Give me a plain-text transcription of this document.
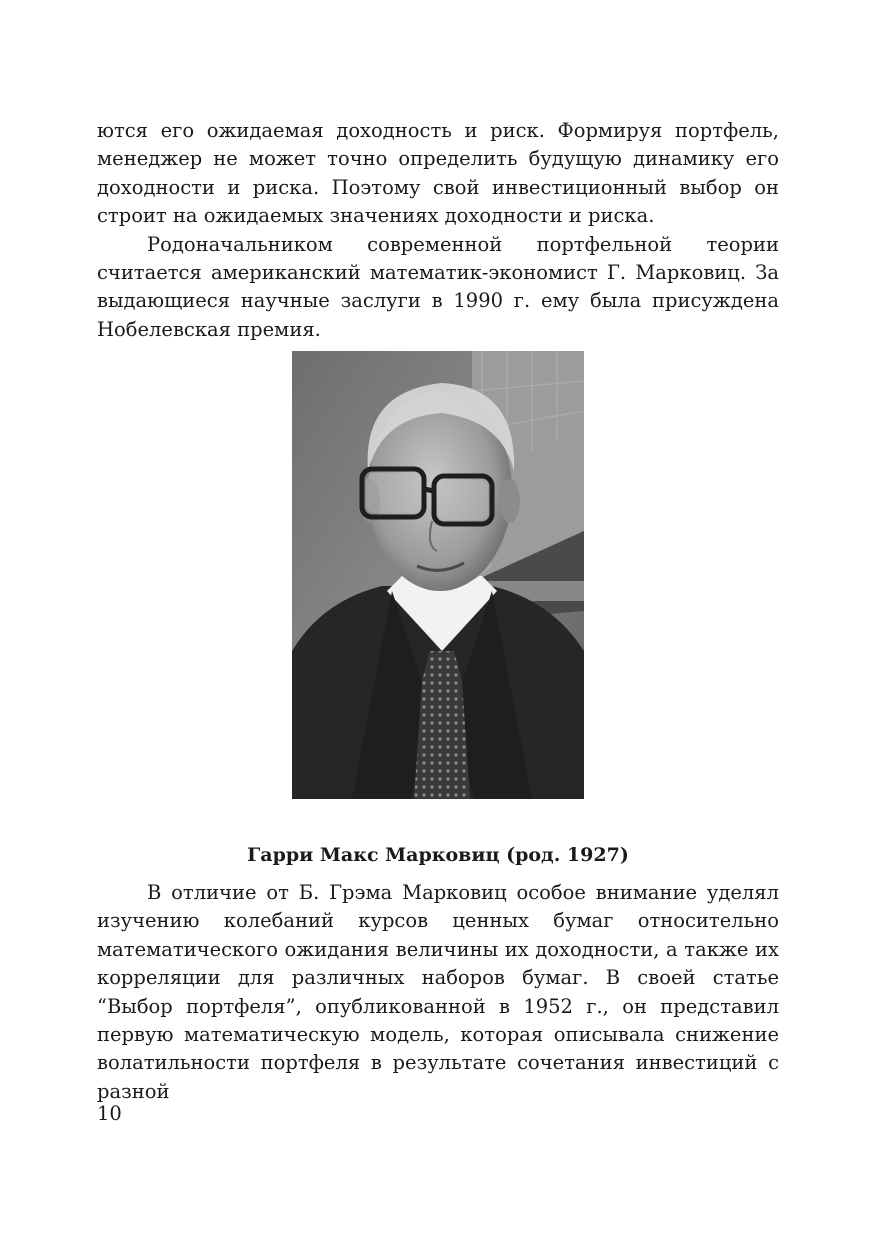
ются его ожидаемая доходность и риск. Формируя портфель, менеджер не может точно определить будущую динамику его доходности и риска. Поэтому свой инвестиционный выбор он строит на ожидаемых значениях доходности и риска.

Родоначальником современной портфельной теории считается американский математик-экономист Г. Марковиц. За выдающиеся научные заслуги в 1990 г. ему была присуждена Нобелевская премия.

Гарри Макс Марковиц (род. 1927)

В отличие от Б. Грэма Марковиц особое внимание уделял изучению колебаний курсов ценных бумаг относительно математического ожидания величины их доходности, а также их корреляции для различных наборов бумаг. В своей статье “Выбор портфеля”, опубликованной в 1952 г., он представил первую математическую модель, которая описывала снижение волатильности портфеля в результате сочетания инвестиций с разной

10
